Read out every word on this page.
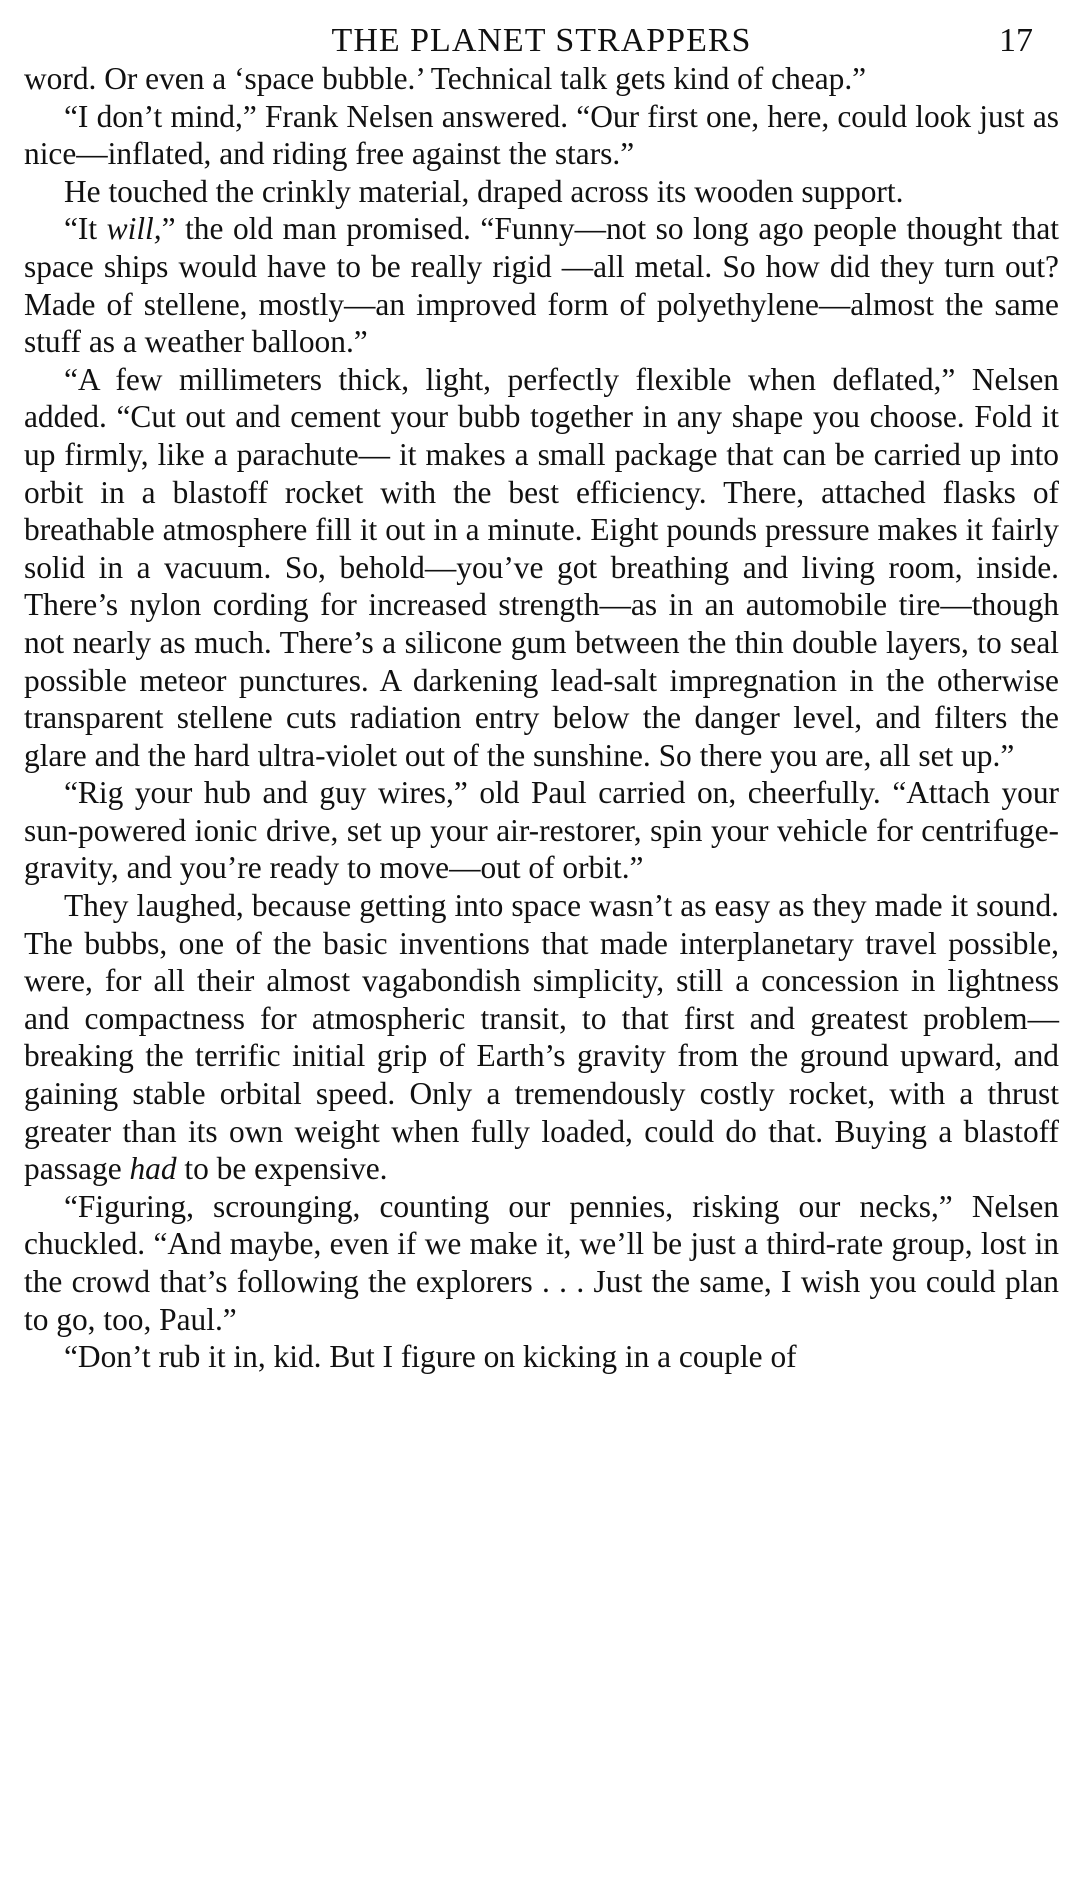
THE PLANET STRAPPERS	17

word. Or even a ‘space bubble.’ Technical talk gets kind of cheap.”

“I don’t mind,” Frank Nelsen answered. “Our first one, here, could look just as nice—inflated, and riding free against the stars.”

He touched the crinkly material, draped across its wooden support.

“It will,” the old man promised. “Funny—not so long ago people thought that space ships would have to be really rigid —all metal. So how did they turn out? Made of stellene, mostly—an improved form of polyethylene—almost the same stuff as a weather balloon.”

“A few millimeters thick, light, perfectly flexible when deflated,” Nelsen added. “Cut out and cement your bubb together in any shape you choose. Fold it up firmly, like a parachute— it makes a small package that can be carried up into orbit in a blastoff rocket with the best efficiency. There, attached flasks of breathable atmosphere fill it out in a minute. Eight pounds pressure makes it fairly solid in a vacuum. So, behold—you’ve got breathing and living room, inside. There’s nylon cording for increased strength—as in an automobile tire—though not nearly as much. There’s a silicone gum between the thin double layers, to seal possible meteor punctures. A darkening lead-salt impregnation in the otherwise transparent stellene cuts radiation entry below the danger level, and filters the glare and the hard ultra-violet out of the sunshine. So there you are, all set up.”

“Rig your hub and guy wires,” old Paul carried on, cheerfully. “Attach your sun-powered ionic drive, set up your air-restorer, spin your vehicle for centrifuge-gravity, and you’re ready to move—out of orbit.”

They laughed, because getting into space wasn’t as easy as they made it sound. The bubbs, one of the basic inventions that made interplanetary travel possible, were, for all their almost vagabondish simplicity, still a concession in lightness and compactness for atmospheric transit, to that first and greatest problem—breaking the terrific initial grip of Earth’s gravity from the ground upward, and gaining stable orbital speed. Only a tremendously costly rocket, with a thrust greater than its own weight when fully loaded, could do that. Buying a blastoff passage had to be expensive.

“Figuring, scrounging, counting our pennies, risking our necks,” Nelsen chuckled. “And maybe, even if we make it, we’ll be just a third-rate group, lost in the crowd that’s following the explorers . . . Just the same, I wish you could plan to go, too, Paul.”

“Don’t rub it in, kid. But I figure on kicking in a couple of
